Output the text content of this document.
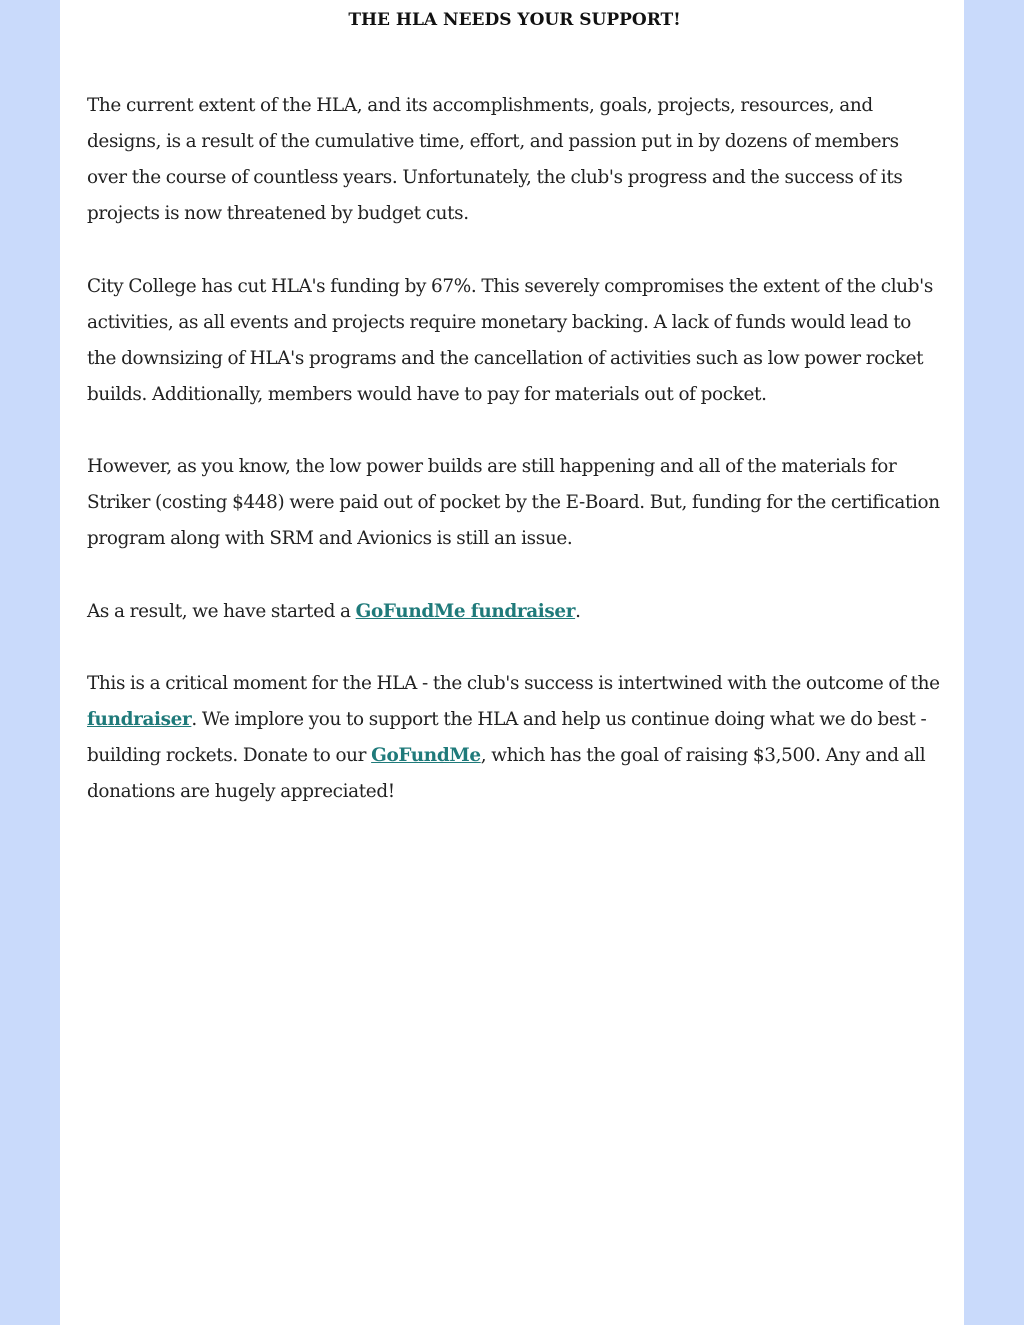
THE HLA NEEDS YOUR SUPPORT!

The current extent of the HLA, and its accomplishments, goals, projects, resources, and designs, is a result of the cumulative time, effort, and passion put in by dozens of members over the course of countless years. Unfortunately, the club's progress and the success of its projects is now threatened by budget cuts.

City College has cut HLA's funding by 67%. This severely compromises the extent of the club's activities, as all events and projects require monetary backing. A lack of funds would lead to the downsizing of HLA's programs and the cancellation of activities such as low power rocket builds. Additionally, members would have to pay for materials out of pocket.

However, as you know, the low power builds are still happening and all of the materials for Striker (costing $448) were paid out of pocket by the E-Board. But, funding for the certification program along with SRM and Avionics is still an issue.

As a result, we have started a GoFundMe fundraiser.

This is a critical moment for the HLA - the club's success is intertwined with the outcome of the fundraiser. We implore you to support the HLA and help us continue doing what we do best - building rockets. Donate to our GoFundMe, which has the goal of raising $3,500. Any and all donations are hugely appreciated!
